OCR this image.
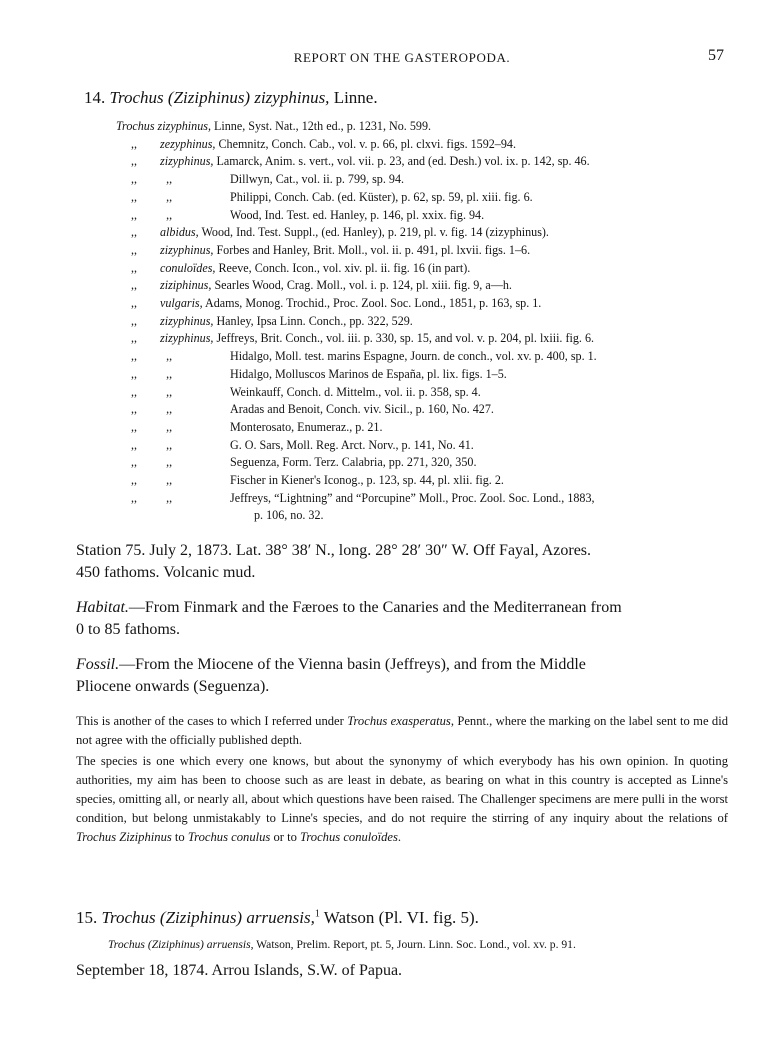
REPORT ON THE GASTEROPODA.	57
14. Trochus (Ziziphinus) zizyphinus, Linne.
Trochus zizyphinus, Linne, Syst. Nat., 12th ed., p. 1231, No. 599.
,, zezyphinus, Chemnitz, Conch. Cab., vol. v. p. 66, pl. clxvi. figs. 1592–94.
,, zizyphinus, Lamarck, Anim. s. vert., vol. vii. p. 23, and (ed. Desh.) vol. ix. p. 142, sp. 46.
,, ,,	Dillwyn, Cat., vol. ii. p. 799, sp. 94.
,, ,,	Philippi, Conch. Cab. (ed. Küster), p. 62, sp. 59, pl. xiii. fig. 6.
,, ,,	Wood, Ind. Test. ed. Hanley, p. 146, pl. xxix. fig. 94.
,, albidus, Wood, Ind. Test. Suppl., (ed. Hanley), p. 219, pl. v. fig. 14 (zizyphinus).
,, zizyphinus, Forbes and Hanley, Brit. Moll., vol. ii. p. 491, pl. lxvii. figs. 1–6.
,, conuloïdes, Reeve, Conch. Icon., vol. xiv. pl. ii. fig. 16 (in part).
,, ziziphinus, Searles Wood, Crag. Moll., vol. i. p. 124, pl. xiii. fig. 9, a—h.
,, vulgaris, Adams, Monog. Trochid., Proc. Zool. Soc. Lond., 1851, p. 163, sp. 1.
,, zizyphinus, Hanley, Ipsa Linn. Conch., pp. 322, 529.
,, zizyphinus, Jeffreys, Brit. Conch., vol. iii. p. 330, sp. 15, and vol. v. p. 204, pl. lxiii. fig. 6.
,, ,,	Hidalgo, Moll. test. marins Espagne, Journ. de conch., vol. xv. p. 400, sp. 1.
,, ,,	Hidalgo, Molluscos Marinos de España, pl. lix. figs. 1–5.
,, ,,	Weinkauff, Conch. d. Mittelm., vol. ii. p. 358, sp. 4.
,, ,,	Aradas and Benoit, Conch. viv. Sicil., p. 160, No. 427.
,, ,,	Monterosato, Enumeraz., p. 21.
,, ,,	G. O. Sars, Moll. Reg. Arct. Norv., p. 141, No. 41.
,, ,,	Seguenza, Form. Terz. Calabria, pp. 271, 320, 350.
,, ,,	Fischer in Kiener's Iconog., p. 123, sp. 44, pl. xlii. fig. 2.
,, ,,	Jeffreys, “Lightning” and “Porcupine” Moll., Proc. Zool. Soc. Lond., 1883,
p. 106, no. 32.
Station 75. July 2, 1873. Lat. 38° 38′ N., long. 28° 28′ 30″ W. Off Fayal, Azores.
450 fathoms. Volcanic mud.
Habitat.—From Finmark and the Færoes to the Canaries and the Mediterranean from
0 to 85 fathoms.
Fossil.—From the Miocene of the Vienna basin (Jeffreys), and from the Middle
Pliocene onwards (Seguenza).
This is another of the cases to which I referred under Trochus exasperatus, Pennt., where the marking on the label sent to me did not agree with the officially published depth.
The species is one which every one knows, but about the synonymy of which everybody has his own opinion. In quoting authorities, my aim has been to choose such as are least in debate, as bearing on what in this country is accepted as Linne's species, omitting all, or nearly all, about which questions have been raised. The Challenger specimens are mere pulli in the worst condition, but belong unmistakably to Linne's species, and do not require the stirring of any inquiry about the relations of Trochus Ziziphinus to Trochus conulus or to Trochus conuloïdes.
15. Trochus (Ziziphinus) arruensis,$^1$ Watson (Pl. VI. fig. 5).
Trochus (Ziziphinus) arruensis, Watson, Prelim. Report, pt. 5, Journ. Linn. Soc. Lond., vol. xv. p. 91.
September 18, 1874. Arrou Islands, S.W. of Papua.
